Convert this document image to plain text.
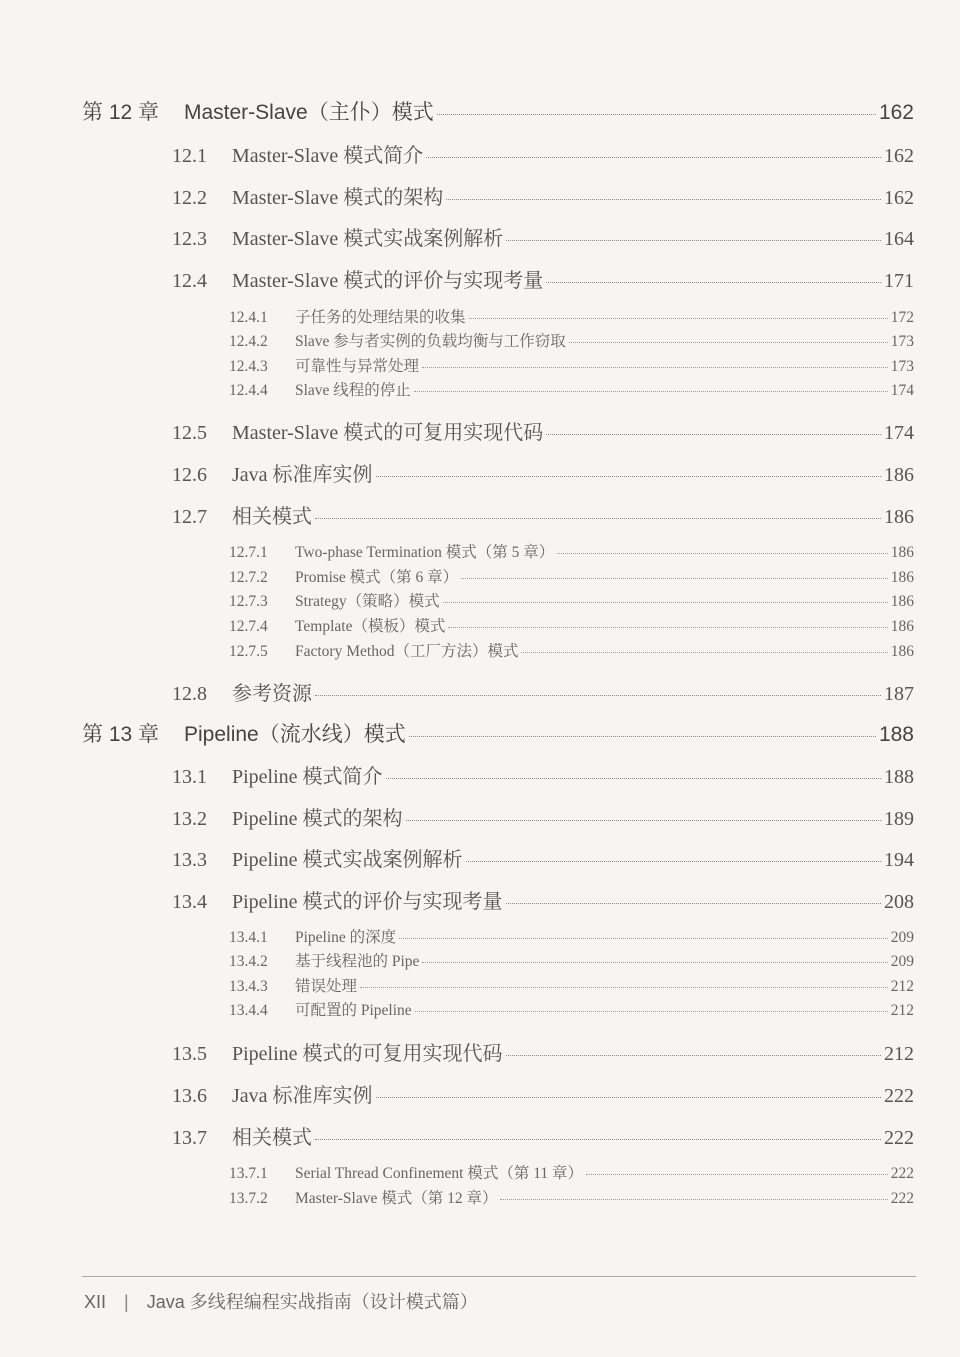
第 12 章	Master-Slave（主仆）模式	162
12.1	Master-Slave 模式简介	162
12.2	Master-Slave 模式的架构	162
12.3	Master-Slave 模式实战案例解析	164
12.4	Master-Slave 模式的评价与实现考量	171
12.4.1	子任务的处理结果的收集	172
12.4.2	Slave 参与者实例的负载均衡与工作窃取	173
12.4.3	可靠性与异常处理	173
12.4.4	Slave 线程的停止	174
12.5	Master-Slave 模式的可复用实现代码	174
12.6	Java 标准库实例	186
12.7	相关模式	186
12.7.1	Two-phase Termination 模式（第 5 章）	186
12.7.2	Promise 模式（第 6 章）	186
12.7.3	Strategy（策略）模式	186
12.7.4	Template（模板）模式	186
12.7.5	Factory Method（工厂方法）模式	186
12.8	参考资源	187
第 13 章	Pipeline（流水线）模式	188
13.1	Pipeline 模式简介	188
13.2	Pipeline 模式的架构	189
13.3	Pipeline 模式实战案例解析	194
13.4	Pipeline 模式的评价与实现考量	208
13.4.1	Pipeline 的深度	209
13.4.2	基于线程池的 Pipe	209
13.4.3	错误处理	212
13.4.4	可配置的 Pipeline	212
13.5	Pipeline 模式的可复用实现代码	212
13.6	Java 标准库实例	222
13.7	相关模式	222
13.7.1	Serial Thread Confinement 模式（第 11 章）	222
13.7.2	Master-Slave 模式（第 12 章）	222
XII | Java 多线程编程实战指南（设计模式篇）
